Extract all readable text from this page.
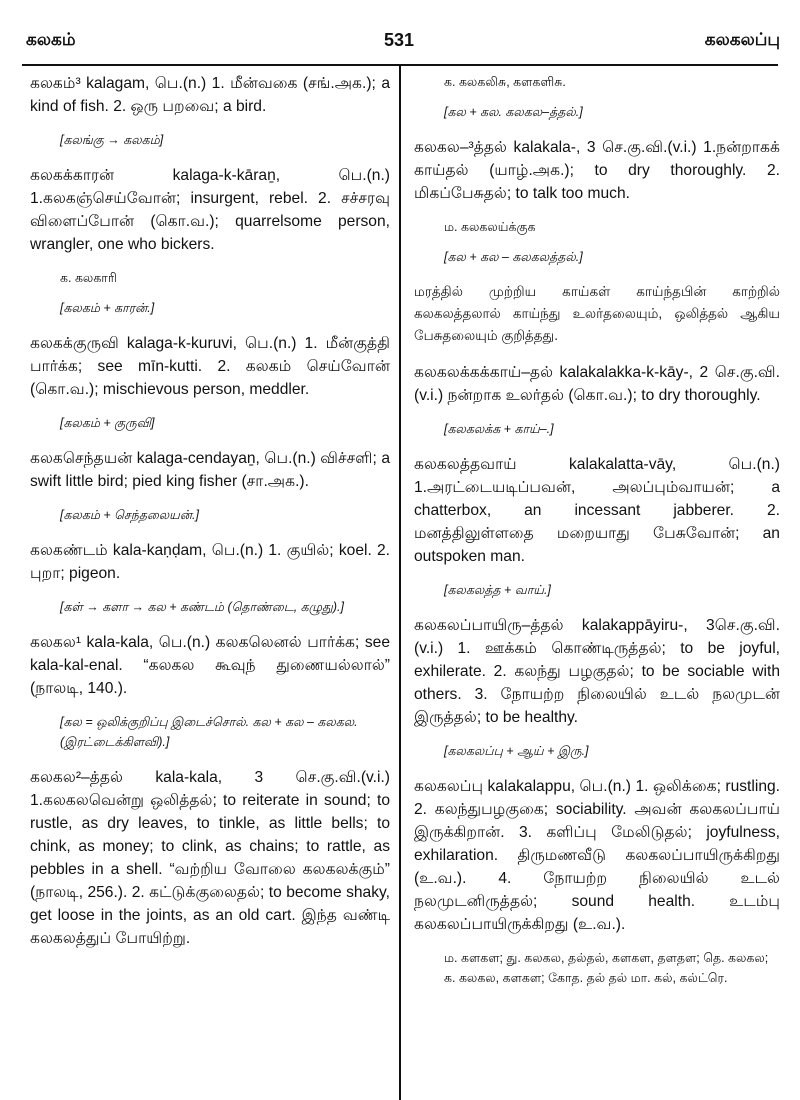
கலகம்	531	கலகலப்பு
கலகம்³ kalagam, பெ.(n.) 1. மீன்வகை (சங்.அக.); a kind of fish. 2. ஒரு பறவை; a bird.
[கலங்கு → கலகம்]
கலகக்காரன் kalaga-k-kāraṉ, பெ.(n.) 1.கலகஞ்செய்வோன்; insurgent, rebel. 2. சச்சரவு விளைப்போன் (கொ.வ.); quarrelsome person, wrangler, one who bickers.
க. கலகாரி
[கலகம் + காரன்.]
கலகக்குருவி kalaga-k-kuruvi, பெ.(n.) 1. மீன்குத்தி பார்க்க; see mīn-kutti. 2. கலகம் செய்வோன் (கொ.வ.); mischievous person, meddler.
[கலகம் + குருவி]
கலகசெந்தயன் kalaga-cendayaṉ, பெ.(n.) விச்சளி; a swift little bird; pied king fisher (சா.அக.).
[கலகம் + செந்தலையன்.]
கலகண்டம் kala-kaṇḍam, பெ.(n.) 1. குயில்; koel. 2. புறா; pigeon.
[கள் → களா → கல + கண்டம் (தொண்டை, கழுது).]
கலகல¹ kala-kala, பெ.(n.) கலகலெனல் பார்க்க; see kala-kal-enal. “கலகல கூவுந் துணையல்லால்” (நாலடி, 140.).
[கல = ஒலிக்குறிப்பு இடைச்சொல். கல + கல – கலகல. (இரட்டைக்கிளவி).]
கலகல²–த்தல் kala-kala, 3 செ.கு.வி.(v.i.) 1.கலகலவென்று ஒலித்தல்; to reiterate in sound; to rustle, as dry leaves, to tinkle, as little bells; to chink, as money; to clink, as chains; to rattle, as pebbles in a shell. “வற்றிய வோலை கலகலக்கும்” (நாலடி, 256.). 2. கட்டுக்குலைதல்; to become shaky, get loose in the joints, as an old cart. இந்த வண்டி கலகலத்துப் போயிற்று.
க. கலகலிசு, களகளிசு.
[கல + கல. கலகல–த்தல்.]
கலகல–³த்தல் kalakala-, 3 செ.கு.வி.(v.i.) 1.நன்றாகக் காய்தல் (யாழ்.அக.); to dry thoroughly. 2. மிகப்பேசுதல்; to talk too much.
ம. கலகலய்க்குக
[கல + கல – கலகலத்தல்.]
மரத்தில் முற்றிய காய்கள் காய்ந்தபின் காற்றில் கலகலத்தலால் காய்ந்து உலர்தலையும், ஒலித்தல் ஆகிய பேசுதலையும் குறித்தது.
கலகலக்கக்காய்–தல் kalakalakka-k-kāy-, 2 செ.கு.வி.(v.i.) நன்றாக உலர்தல் (கொ.வ.); to dry thoroughly.
[கலகலக்க + காய்–.]
கலகலத்தவாய் kalakalatta-vāy, பெ.(n.) 1.அரட்டையடிப்பவன், அலப்பும்வாயன்; a chatterbox, an incessant jabberer. 2. மனத்திலுள்ளதை மறையாது பேசுவோன்; an outspoken man.
[கலகலத்த + வாய்.]
கலகலப்பாயிரு–த்தல் kalakappāyiru-, 3செ.கு.வி. (v.i.) 1. ஊக்கம் கொண்டிருத்தல்; to be joyful, exhilerate. 2. கலந்து பழகுதல்; to be sociable with others. 3. நோயற்ற நிலையில் உடல் நலமுடன் இருத்தல்; to be healthy.
[கலகலப்பு + ஆய் + இரு.]
கலகலப்பு kalakalappu, பெ.(n.) 1. ஒலிக்கை; rustling. 2. கலந்துபழகுகை; sociability. அவன் கலகலப்பாய் இருக்கிறான். 3. களிப்பு மேலிடுதல்; joyfulness, exhilaration. திருமணவீடு கலகலப்பாயிருக்கிறது (உ.வ.). 4. நோயற்ற நிலையில் உடல் நலமுடனிருத்தல்; sound health. உடம்பு கலகலப்பாயிருக்கிறது (உ.வ.).
ம. களகள; து. கலகல, தல்தல், களகள, தளதள; தெ. கலகல; க. கலகல, களகள; கோத. தல் தல் மா. கல், கல்ட்ரெ.
